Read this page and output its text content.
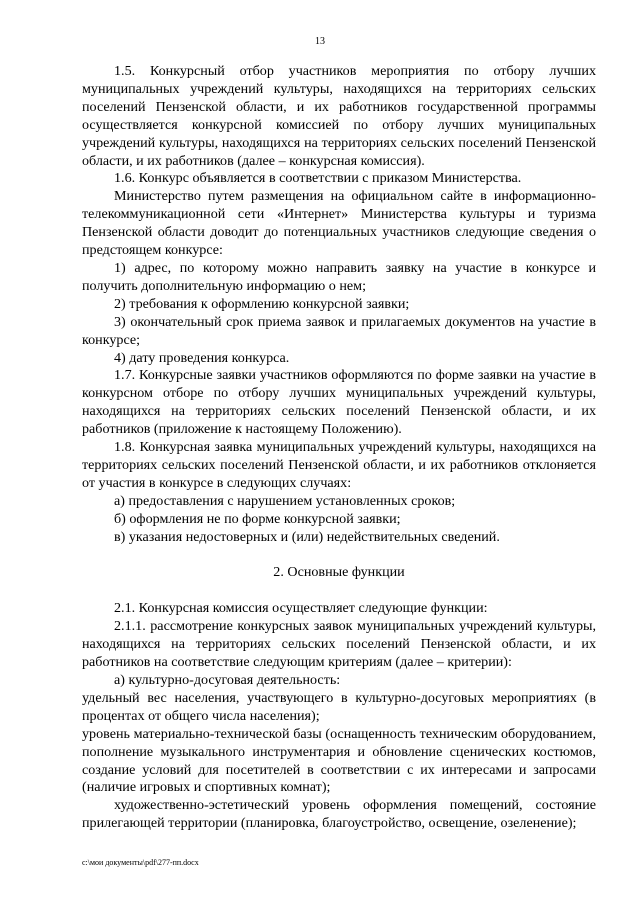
13

1.5. Конкурсный отбор участников мероприятия по отбору лучших муниципальных учреждений культуры, находящихся на территориях сельских поселений Пензенской области, и их работников государственной программы осуществляется конкурсной комиссией по отбору лучших муниципальных учреждений культуры, находящихся на территориях сельских поселений Пензенской области, и их работников (далее – конкурсная комиссия).

1.6. Конкурс объявляется в соответствии с приказом Министерства.

Министерство путем размещения на официальном сайте в информационно-телекоммуникационной сети «Интернет» Министерства культуры и туризма Пензенской области доводит до потенциальных участников следующие сведения о предстоящем конкурсе:

1) адрес, по которому можно направить заявку на участие в конкурсе и получить дополнительную информацию о нем;

2) требования к оформлению конкурсной заявки;

3) окончательный срок приема заявок и прилагаемых документов на участие в конкурсе;

4) дату проведения конкурса.

1.7. Конкурсные заявки участников оформляются по форме заявки на участие в конкурсном отборе по отбору лучших муниципальных учреждений культуры, находящихся на территориях сельских поселений Пензенской области, и их работников (приложение к настоящему Положению).

1.8. Конкурсная заявка муниципальных учреждений культуры, находящихся на территориях сельских поселений Пензенской области, и их работников отклоняется от участия в конкурсе в следующих случаях:

а) предоставления с нарушением установленных сроков;

б) оформления не по форме конкурсной заявки;

в) указания недостоверных и (или) недействительных сведений.

2. Основные функции

2.1. Конкурсная комиссия осуществляет следующие функции:

2.1.1. рассмотрение конкурсных заявок муниципальных учреждений культуры, находящихся на территориях сельских поселений Пензенской области, и их работников на соответствие следующим критериям (далее – критерии):

а) культурно-досуговая деятельность:

удельный вес населения, участвующего в культурно-досуговых мероприятиях (в процентах от общего числа населения);

уровень материально-технической базы (оснащенность техническим оборудованием, пополнение музыкального инструментария и обновление сценических костюмов, создание условий для посетителей в соответствии с их интересами и запросами (наличие игровых и спортивных комнат);

художественно-эстетический уровень оформления помещений, состояние прилегающей территории (планировка, благоустройство, освещение, озеленение);

c:\мои документы\pdf\277-пп.docx
